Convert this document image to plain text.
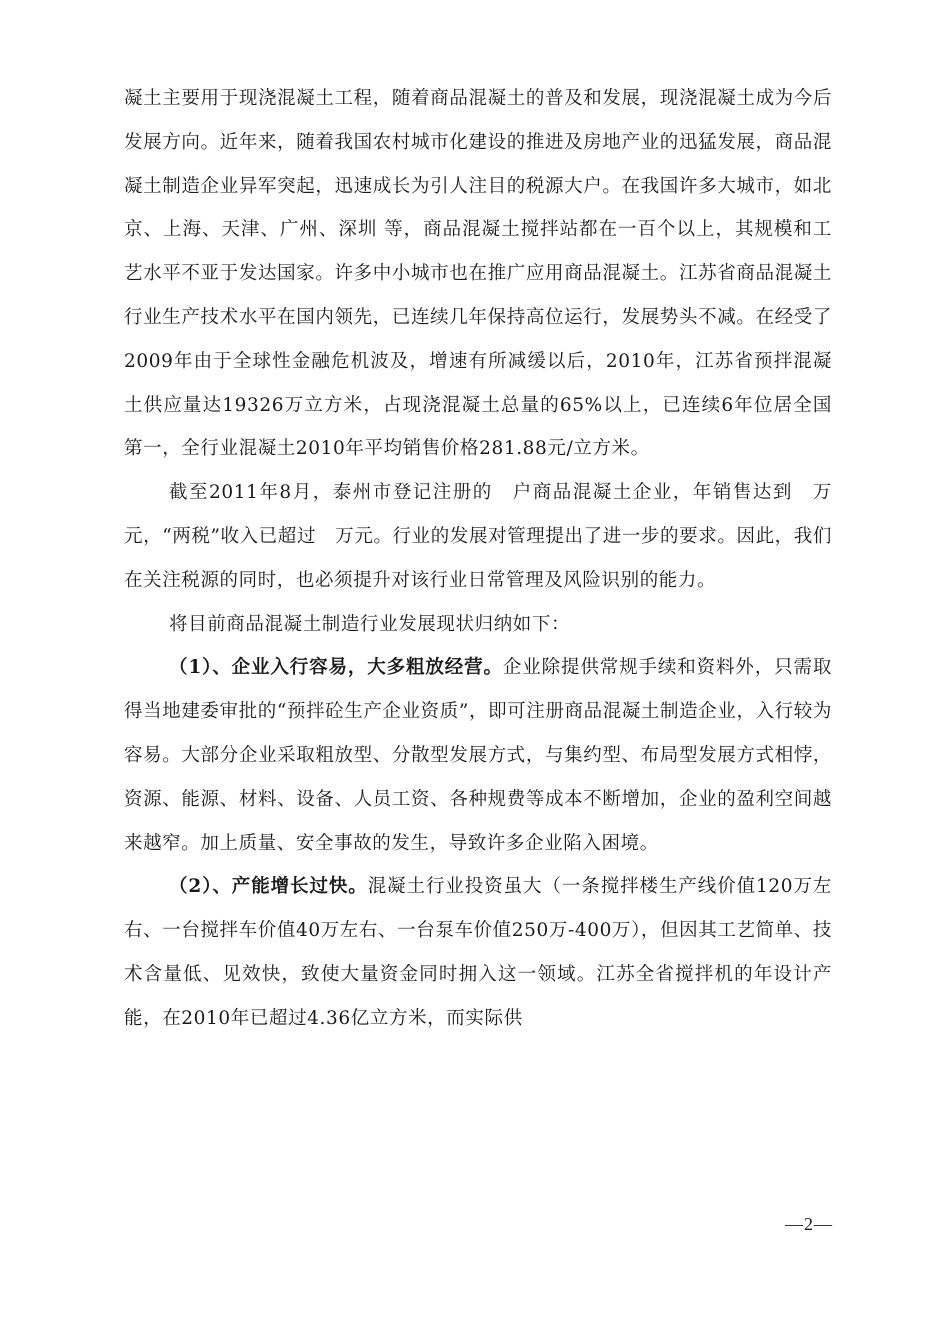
凝土主要用于现浇混凝土工程，随着商品混凝土的普及和发展，现浇混凝土成为今后发展方向。近年来，随着我国农村城市化建设的推进及房地产业的迅猛发展，商品混凝土制造企业异军突起，迅速成长为引人注目的税源大户。在我国许多大城市，如北京、上海、天津、广州、深圳 等，商品混凝土搅拌站都在一百个以上，其规模和工艺水平不亚于发达国家。许多中小城市也在推广应用商品混凝土。江苏省商品混凝土行业生产技术水平在国内领先，已连续几年保持高位运行，发展势头不减。在经受了2009年由于全球性金融危机波及，增速有所减缓以后，2010年，江苏省预拌混凝土供应量达19326万立方米，占现浇混凝土总量的65%以上，已连续6年位居全国第一，全行业混凝土2010年平均销售价格281.88元/立方米。

截至2011年8月，泰州市登记注册的　户商品混凝土企业，年销售达到　万元，“两税”收入已超过　万元。行业的发展对管理提出了进一步的要求。因此，我们在关注税源的同时，也必须提升对该行业日常管理及风险识别的能力。

将目前商品混凝土制造行业发展现状归纳如下：

（1）、企业入行容易，大多粗放经营。企业除提供常规手续和资料外，只需取得当地建委审批的“预拌砼生产企业资质”，即可注册商品混凝土制造企业，入行较为容易。大部分企业采取粗放型、分散型发展方式，与集约型、布局型发展方式相悖，资源、能源、材料、设备、人员工资、各种规费等成本不断增加，企业的盈利空间越来越窄。加上质量、安全事故的发生，导致许多企业陷入困境。

（2）、产能增长过快。混凝土行业投资虽大（一条搅拌楼生产线价值120万左右、一台搅拌车价值40万左右、一台泵车价值250万-400万），但因其工艺简单、技术含量低、见效快，致使大量资金同时拥入这一领域。江苏全省搅拌机的年设计产能，在2010年已超过4.36亿立方米，而实际供

—2—
